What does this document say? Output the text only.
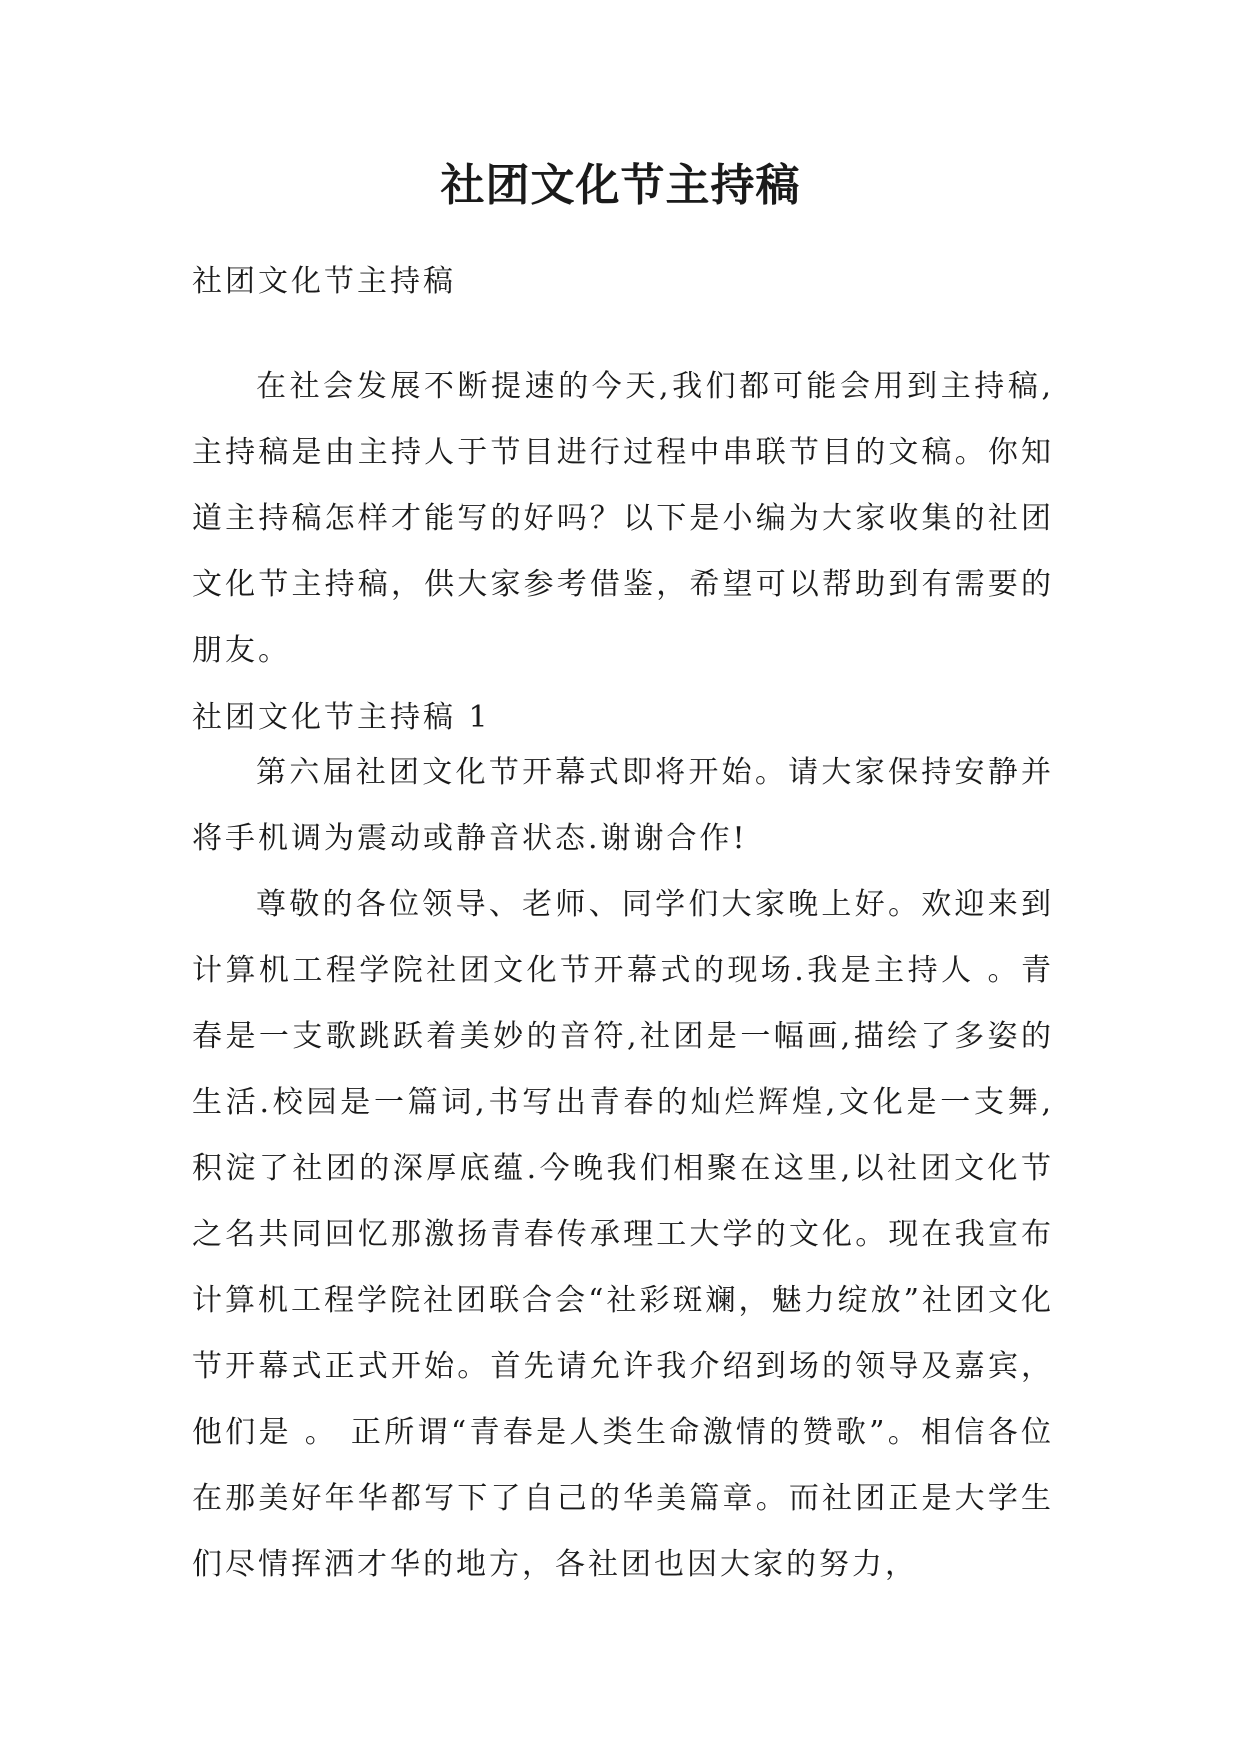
社团文化节主持稿
社团文化节主持稿

在社会发展不断提速的今天,我们都可能会用到主持稿,主持稿是由主持人于节目进行过程中串联节目的文稿。你知道主持稿怎样才能写的好吗？以下是小编为大家收集的社团文化节主持稿，供大家参考借鉴，希望可以帮助到有需要的朋友。

社团文化节主持稿 1

第六届社团文化节开幕式即将开始。请大家保持安静并将手机调为震动或静音状态.谢谢合作!

尊敬的各位领导、老师、同学们大家晚上好。欢迎来到计算机工程学院社团文化节开幕式的现场.我是主持人 。青春是一支歌跳跃着美妙的音符,社团是一幅画,描绘了多姿的生活.校园是一篇词,书写出青春的灿烂辉煌,文化是一支舞,积淀了社团的深厚底蕴.今晚我们相聚在这里,以社团文化节之名共同回忆那激扬青春传承理工大学的文化。现在我宣布计算机工程学院社团联合会“社彩斑斓，魅力绽放”社团文化节开幕式正式开始。首先请允许我介绍到场的领导及嘉宾，他们是 。 正所谓“青春是人类生命激情的赞歌”。相信各位在那美好年华都写下了自己的华美篇章。而社团正是大学生们尽情挥洒才华的地方，各社团也因大家的努力，
